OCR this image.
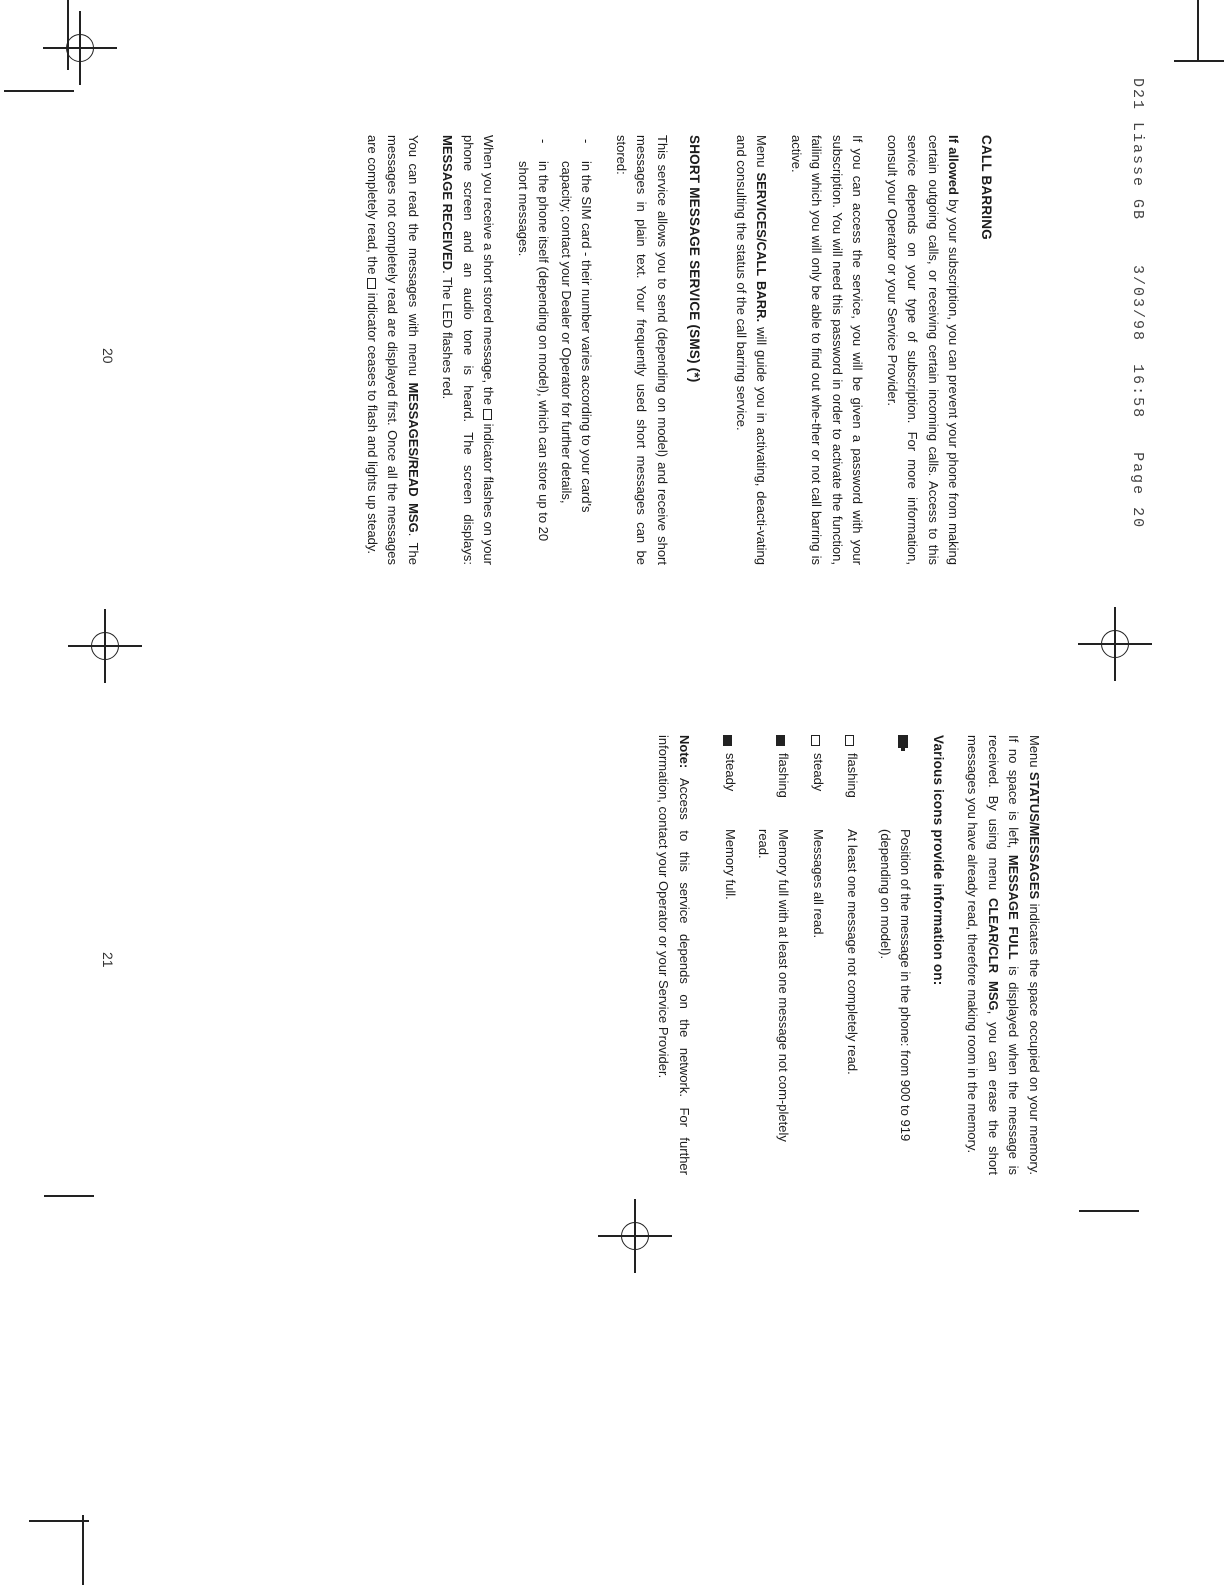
D21 Liasse GB    3/03/98  16:58   Page 20
CALL BARRING

If allowed by your subscription, you can prevent your phone from making certain outgoing calls, or receiving certain incoming calls. Access to this service depends on your type of subscription. For more information, consult your Operator or your Service Provider.

If you can access the service, you will be given a password with your subscription. You will need this password in order to activate the function, failing which you will only be able to find out whe-ther or not call barring is active.

Menu SERVICES/CALL BARR. will guide you in activating, deacti-vating and consulting the status of the call barring service.

SHORT MESSAGE SERVICE (SMS) (*)

This service allows you to send (depending on model) and receive short messages in plain text. Your frequently used short messages can be stored:

- in the SIM card - their number varies according to your card's capacity; contact your Dealer or Operator for further details,
- in the phone itself (depending on model), which can store up to 20 short messages.

When you receive a short stored message, the  indicator flashes on your phone screen and an audio tone is heard. The screen displays: MESSAGE RECEIVED. The LED flashes red.

You can read the messages with menu MESSAGES/READ MSG. The messages not completely read are displayed first. Once all the messages are completely read, the  indicator ceases to flash and lights up steady.

20

Menu STATUS/MESSAGES indicates the space occupied on your memory. If no space is left, MESSAGE FULL is displayed when the message is received. By using menu CLEAR/CLR MSG, you can erase the short messages you have already read, therefore making room in the memory.

Various icons provide information on:
		Position of the message in the phone: from 900 to 919 (depending on model).
	flashing	At least one message not completely read.
	steady	Messages all read.
	flashing	Memory full with at least one message not com-pletely read.
	steady	Memory full.

Note: Access to this service depends on the network. For further information, contact your Operator or your Service Provider.

21
